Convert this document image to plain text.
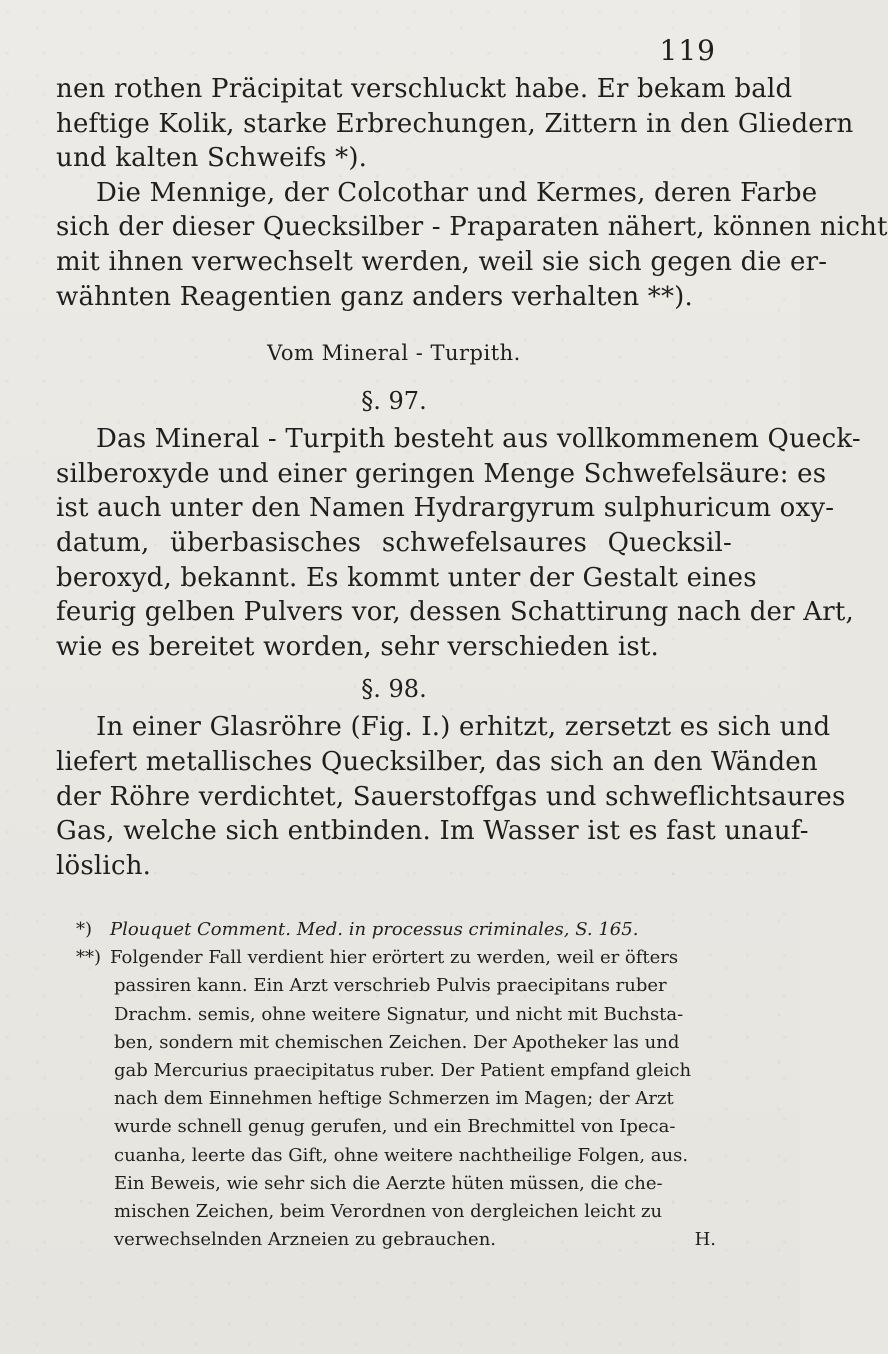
119
nen rothen Präcipitat verschluckt habe. Er bekam bald
heftige Kolik, starke Erbrechungen, Zittern in den Gliedern
und kalten Schweifs *).
Die Mennige, der Colcothar und Kermes, deren Farbe
sich der dieser Quecksilber - Praparaten nähert, können nicht
mit ihnen verwechselt werden, weil sie sich gegen die er-
wähnten Reagentien ganz anders verhalten **).
Vom Mineral - Turpith.
§. 97.
Das Mineral - Turpith besteht aus vollkommenem Queck-
silberoxyde und einer geringen Menge Schwefelsäure: es
ist auch unter den Namen Hydrargyrum sulphuricum oxy-
datum, überbasisches schwefelsaures Quecksil-
beroxyd, bekannt. Es kommt unter der Gestalt eines
feurig gelben Pulvers vor, dessen Schattirung nach der Art,
wie es bereitet worden, sehr verschieden ist.
§. 98.
In einer Glasröhre (Fig. I.) erhitzt, zersetzt es sich und
liefert metallisches Quecksilber, das sich an den Wänden
der Röhre verdichtet, Sauerstoffgas und schweflichtsaures
Gas, welche sich entbinden. Im Wasser ist es fast unauf-
löslich.
*) Plouquet Comment. Med. in processus criminales, S. 165.
**) Folgender Fall verdient hier erörtert zu werden, weil er öfters
passiren kann. Ein Arzt verschrieb Pulvis praecipitans ruber
Drachm. semis, ohne weitere Signatur, und nicht mit Buchsta-
ben, sondern mit chemischen Zeichen. Der Apotheker las und
gab Mercurius praecipitatus ruber. Der Patient empfand gleich
nach dem Einnehmen heftige Schmerzen im Magen; der Arzt
wurde schnell genug gerufen, und ein Brechmittel von Ipeca-
cuanha, leerte das Gift, ohne weitere nachtheilige Folgen, aus.
Ein Beweis, wie sehr sich die Aerzte hüten müssen, die che-
mischen Zeichen, beim Verordnen von dergleichen leicht zu
verwechselnden Arzneien zu gebrauchen.	H.
